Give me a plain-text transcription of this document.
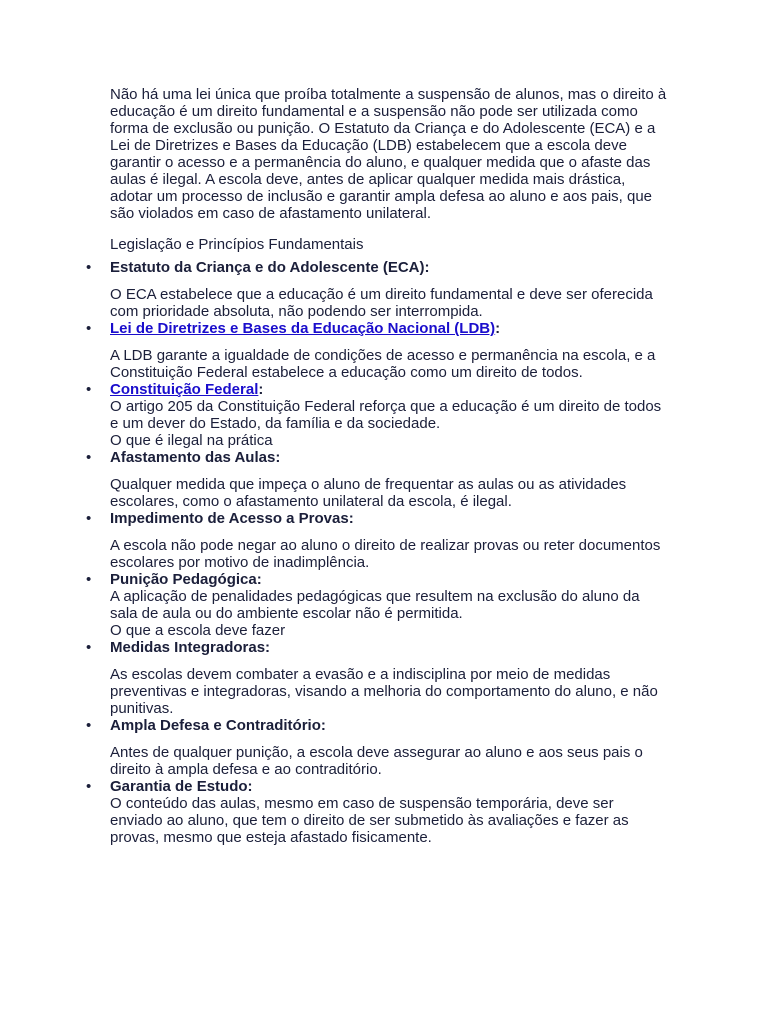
Não há uma lei única que proíba totalmente a suspensão de alunos, mas o direito à educação é um direito fundamental e a suspensão não pode ser utilizada como forma de exclusão ou punição. O Estatuto da Criança e do Adolescente (ECA) e a Lei de Diretrizes e Bases da Educação (LDB) estabelecem que a escola deve garantir o acesso e a permanência do aluno, e qualquer medida que o afaste das aulas é ilegal. A escola deve, antes de aplicar qualquer medida mais drástica, adotar um processo de inclusão e garantir ampla defesa ao aluno e aos pais, que são violados em caso de afastamento unilateral.

Legislação e Princípios Fundamentais

• Estatuto da Criança e do Adolescente (ECA):
O ECA estabelece que a educação é um direito fundamental e deve ser oferecida com prioridade absoluta, não podendo ser interrompida.
• Lei de Diretrizes e Bases da Educação Nacional (LDB):
A LDB garante a igualdade de condições de acesso e permanência na escola, e a Constituição Federal estabelece a educação como um direito de todos.
• Constituição Federal:
O artigo 205 da Constituição Federal reforça que a educação é um direito de todos e um dever do Estado, da família e da sociedade.
O que é ilegal na prática
• Afastamento das Aulas:
Qualquer medida que impeça o aluno de frequentar as aulas ou as atividades escolares, como o afastamento unilateral da escola, é ilegal.
• Impedimento de Acesso a Provas:
A escola não pode negar ao aluno o direito de realizar provas ou reter documentos escolares por motivo de inadimplência.
• Punição Pedagógica:
A aplicação de penalidades pedagógicas que resultem na exclusão do aluno da sala de aula ou do ambiente escolar não é permitida.
O que a escola deve fazer
• Medidas Integradoras:
As escolas devem combater a evasão e a indisciplina por meio de medidas preventivas e integradoras, visando a melhoria do comportamento do aluno, e não punitivas.
• Ampla Defesa e Contraditório:
Antes de qualquer punição, a escola deve assegurar ao aluno e aos seus pais o direito à ampla defesa e ao contraditório.
• Garantia de Estudo:
O conteúdo das aulas, mesmo em caso de suspensão temporária, deve ser enviado ao aluno, que tem o direito de ser submetido às avaliações e fazer as provas, mesmo que esteja afastado fisicamente.
